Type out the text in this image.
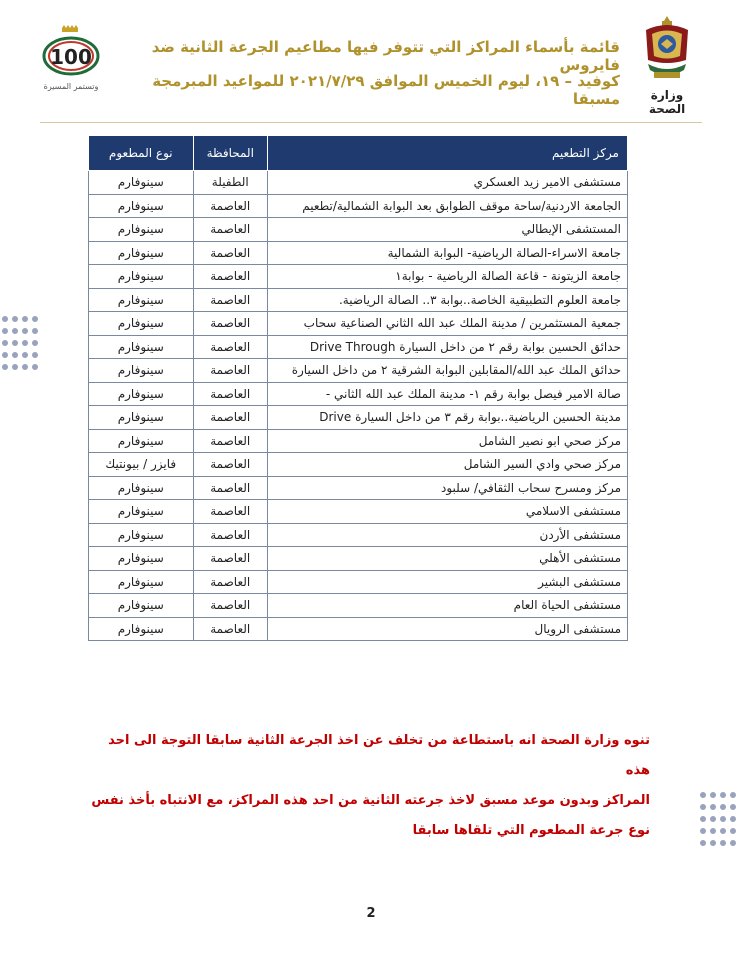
وزارة الصحة
100
وتستمر المسيرة
قائمة بأسماء المراكز التي تتوفر فيها مطاعيم الجرعة الثانية ضد فايروس
كوفيد – ١٩، ليوم الخميس الموافق ٢٠٢١/٧/٢٩ للمواعيد المبرمجة مسبقا
مركز التطعيم	المحافظة	نوع المطعوم
مستشفى الامير زيد العسكري	الطفيلة	سينوفارم
الجامعة الاردنية/ساحة موقف الطوابق بعد البوابة الشمالية/تطعيم	العاصمة	سينوفارم
المستشفى الإيطالي	العاصمة	سينوفارم
جامعة الاسراء-الصالة الرياضية- البوابة الشمالية	العاصمة	سينوفارم
جامعة الزيتونة - قاعة الصالة الرياضية - بوابة١	العاصمة	سينوفارم
جامعة العلوم التطبيقية الخاصة..بوابة ٣.. الصالة الرياضية.	العاصمة	سينوفارم
جمعية المستثمرين / مدينة الملك عبد الله الثاني الصناعية سحاب	العاصمة	سينوفارم
حدائق الحسين بوابة رقم ٢ من داخل السيارة Drive Through	العاصمة	سينوفارم
حدائق الملك عبد الله/المقابلين البوابة الشرقية ٢ من داخل السيارة	العاصمة	سينوفارم
صالة الامير فيصل بوابة رقم ١- مدينة الملك عبد الله الثاني -	العاصمة	سينوفارم
مدينة الحسين الرياضية..بوابة رقم ٣ من داخل السيارة Drive	العاصمة	سينوفارم
مركز صحي ابو نصير الشامل	العاصمة	سينوفارم
مركز صحي وادي السير الشامل	العاصمة	فايزر / بيونتيك
مركز ومسرح سحاب الثقافي/ سلبود	العاصمة	سينوفارم
مستشفى الاسلامي	العاصمة	سينوفارم
مستشفى الأردن	العاصمة	سينوفارم
مستشفى الأهلي	العاصمة	سينوفارم
مستشفى البشير	العاصمة	سينوفارم
مستشفى الحياة العام	العاصمة	سينوفارم
مستشفى الرويال	العاصمة	سينوفارم
تنوه وزارة الصحة انه باستطاعة من تخلف عن اخذ الجرعة الثانية سابقا التوجة الى احد هذه
المراكز وبدون موعد مسبق لاخذ جرعته الثانية من احد هذه المراكز، مع الانتباه بأخذ نفس
نوع جرعة المطعوم التي تلقاها سابقا
2
